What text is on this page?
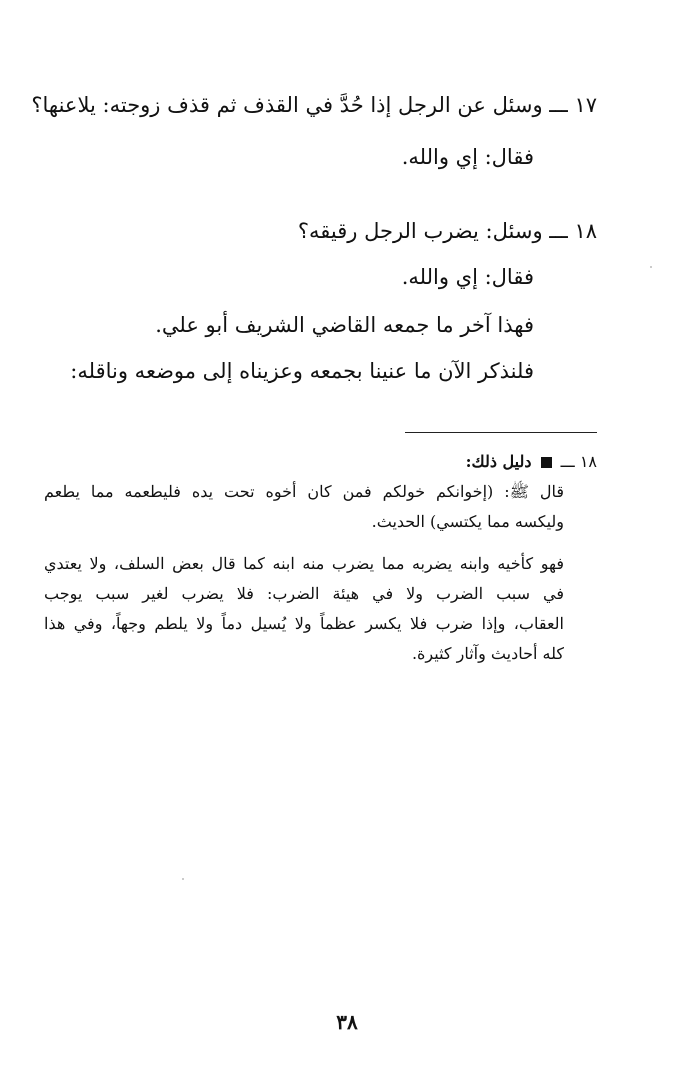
١٧ ـــ وسئل عن الرجل إذا حُدَّ في القذف ثم قذف زوجته: يلاعنها؟
فقال: إي والله.
١٨ ـــ وسئل: يضرب الرجل رقيقه؟
فقال: إي والله.
فهذا آخر ما جمعه القاضي الشريف أبو علي.
فلنذكر الآن ما عنينا بجمعه وعزيناه إلى موضعه وناقله:
١٨ ـــ  دليل ذلك:
قال ﷺ: (إخوانكم خولكم فمن كان أخوه تحت يده فليطعمه مما يطعم
وليكسه مما يكتسي) الحديث.
فهو كأخيه وابنه يضربه مما يضرب منه ابنه كما قال بعض السلف، ولا يعتدي
في سبب الضرب ولا في هيئة الضرب: فلا يضرب لغير سبب يوجب
العقاب، وإذا ضرب فلا يكسر عظماً ولا يُسيل دماً ولا يلطم وجهاً، وفي هذا
كله أحاديث وآثار كثيرة.
٣٨
